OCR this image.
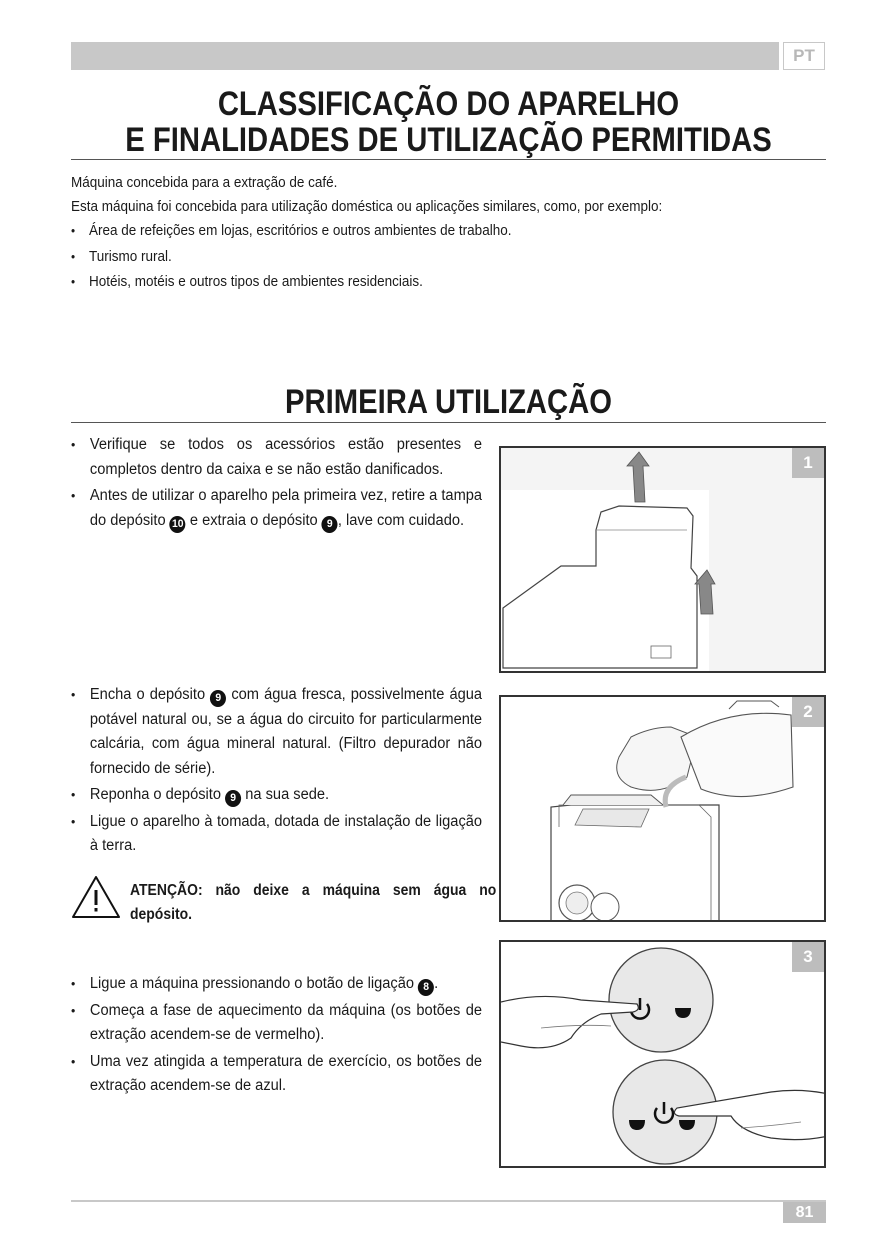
PT
CLASSIFICAÇÃO DO APARELHO
E FINALIDADES DE UTILIZAÇÃO PERMITIDAS
Máquina concebida para a extração de café.
Esta máquina foi concebida para utilização doméstica ou aplicações similares, como, por exemplo:
• Área de refeições em lojas, escritórios e outros ambientes de trabalho.
• Turismo rural.
• Hotéis, motéis e outros tipos de ambientes residenciais.
PRIMEIRA UTILIZAÇÃO
• Verifique se todos os acessórios estão presentes e completos dentro da caixa e se não estão danificados.
• Antes de utilizar o aparelho pela primeira vez, retire a tampa do depósito 10 e extraia o depósito 9 , lave com cuidado.
1
• Encha o depósito 9 com água fresca, possivelmente água potável natural ou, se a água do circuito for particularmente calcária, com água mineral natural. (Filtro depurador não fornecido de série).
• Reponha o depósito 9 na sua sede.
• Ligue o aparelho à tomada, dotada de instalação de ligação à terra.
ATENÇÃO: não deixe a máquina sem água no depósito.
2
• Ligue a máquina pressionando o botão de ligação 8 .
• Começa a fase de aquecimento da máquina (os botões de extração acendem-se de vermelho).
• Uma vez atingida a temperatura de exercício, os botões de extração acendem-se de azul.
3
81
